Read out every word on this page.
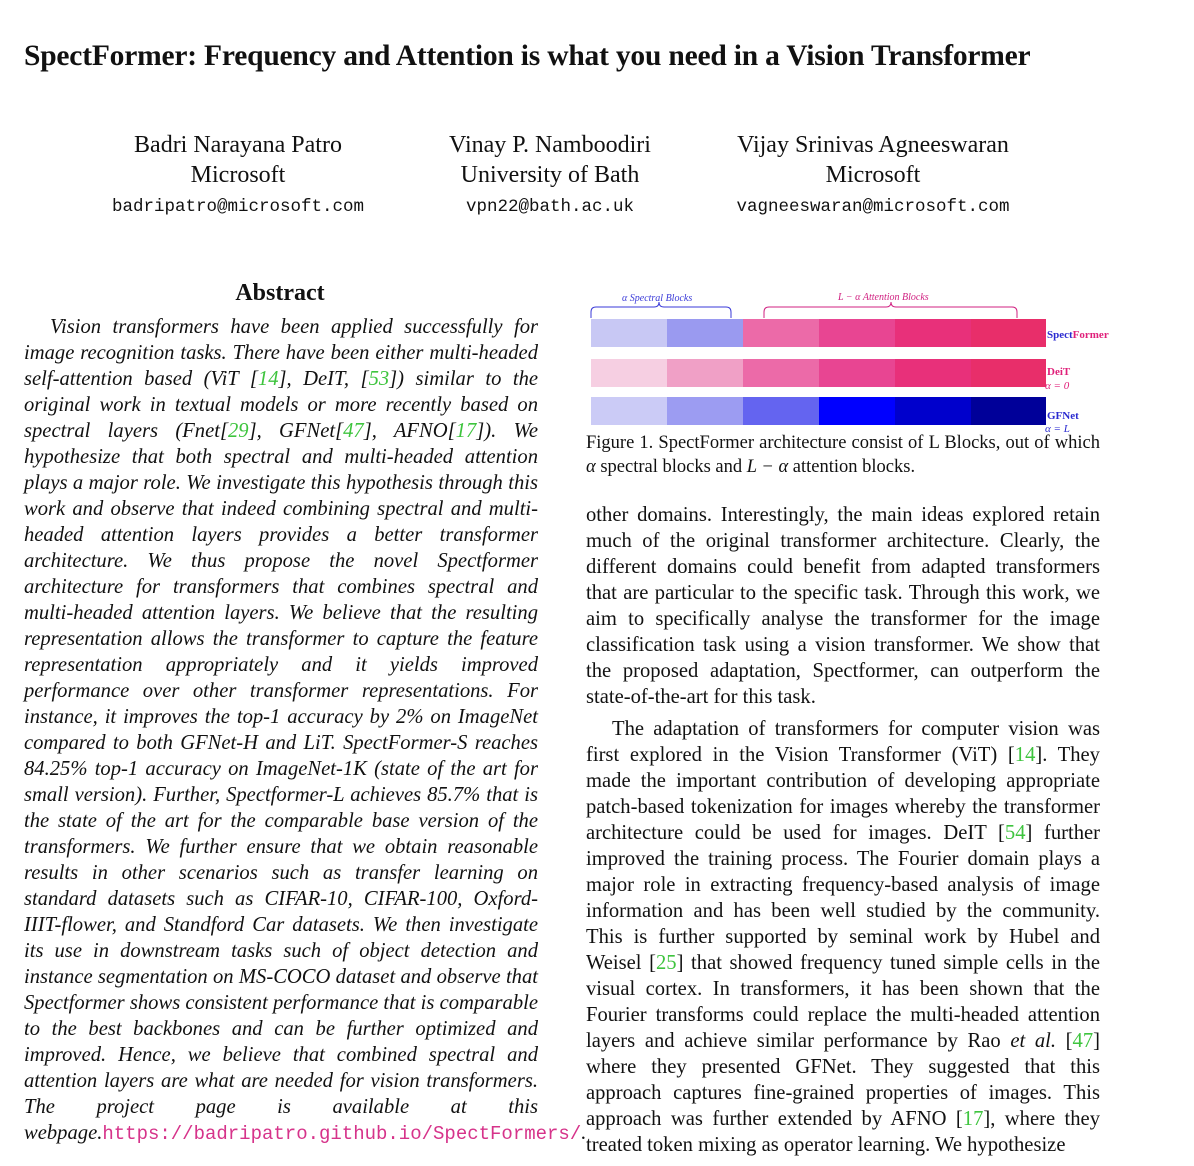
SpectFormer: Frequency and Attention is what you need in a Vision Transformer
Badri Narayana Patro
Microsoft
badripatro@microsoft.com
Vinay P. Namboodiri
University of Bath
vpn22@bath.ac.uk
Vijay Srinivas Agneeswaran
Microsoft
vagneeswaran@microsoft.com
Abstract

Vision transformers have been applied successfully for image recognition tasks. There have been either multi-headed self-attention based (ViT [14], DeIT, [53]) similar to the original work in textual models or more recently based on spectral layers (Fnet[29], GFNet[47], AFNO[17]). We hypothesize that both spectral and multi-headed attention plays a major role. We investigate this hypothesis through this work and observe that indeed combining spectral and multi-headed attention layers provides a better transformer architecture. We thus propose the novel Spectformer architecture for transformers that combines spectral and multi-headed attention layers. We believe that the resulting representation allows the transformer to capture the feature representation appropriately and it yields improved performance over other transformer representations. For instance, it improves the top-1 accuracy by 2% on ImageNet compared to both GFNet-H and LiT. SpectFormer-S reaches 84.25% top-1 accuracy on ImageNet-1K (state of the art for small version). Further, Spectformer-L achieves 85.7% that is the state of the art for the comparable base version of the transformers. We further ensure that we obtain reasonable results in other scenarios such as transfer learning on standard datasets such as CIFAR-10, CIFAR-100, Oxford-IIIT-flower, and Standford Car datasets. We then investigate its use in downstream tasks such of object detection and instance segmentation on MS-COCO dataset and observe that Spectformer shows consistent performance that is comparable to the best backbones and can be further optimized and improved. Hence, we believe that combined spectral and attention layers are what are needed for vision transformers. The project page is available at this webpage.https://badripatro.github.io/SpectFormers/.

α Spectral Blocks	L − α Attention Blocks
SpectFormer
DeiT
α = 0
GFNet
α = L
Figure 1. SpectFormer architecture consist of L Blocks, out of which α spectral blocks and L − α attention blocks.

other domains. Interestingly, the main ideas explored retain much of the original transformer architecture. Clearly, the different domains could benefit from adapted transformers that are particular to the specific task. Through this work, we aim to specifically analyse the transformer for the image classification task using a vision transformer. We show that the proposed adaptation, Spectformer, can outperform the state-of-the-art for this task.

The adaptation of transformers for computer vision was first explored in the Vision Transformer (ViT) [14]. They made the important contribution of developing appropriate patch-based tokenization for images whereby the transformer architecture could be used for images. DeIT [54] further improved the training process. The Fourier domain plays a major role in extracting frequency-based analysis of image information and has been well studied by the community. This is further supported by seminal work by Hubel and Weisel [25] that showed frequency tuned simple cells in the visual cortex. In transformers, it has been shown that the Fourier transforms could replace the multi-headed attention layers and achieve similar performance by Rao et al. [47] where they presented GFNet. They suggested that this approach captures fine-grained properties of images. This approach was further extended by AFNO [17], where they treated token mixing as operator learning. We hypothesize
